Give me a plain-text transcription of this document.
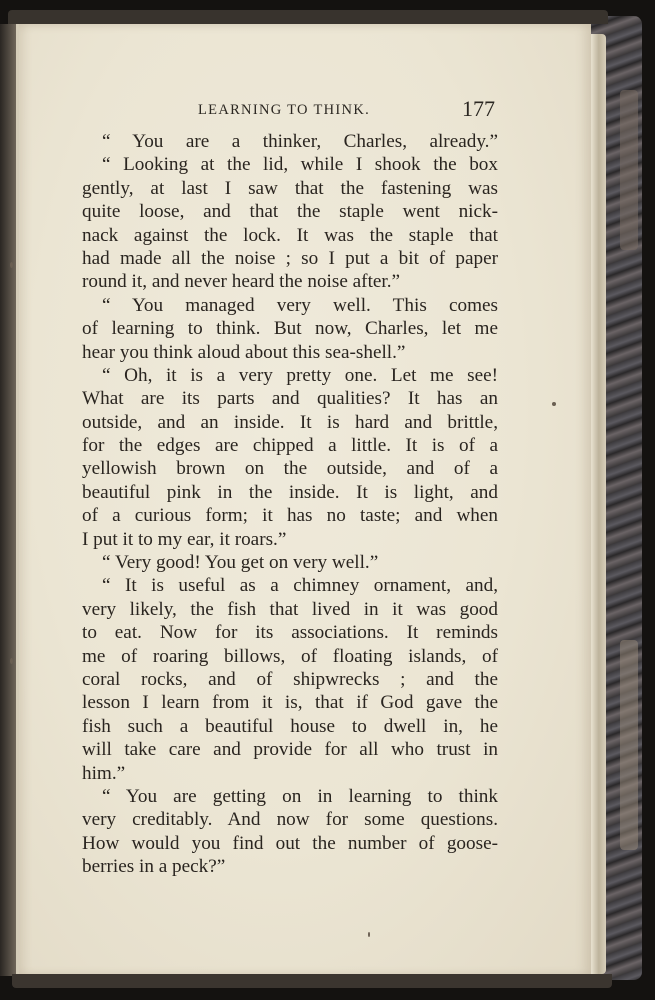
LEARNING TO THINK.	177
“ You are a thinker, Charles, already.”
“ Looking at the lid, while I shook the box
gently, at last I saw that the fastening was
quite loose, and that the staple went nick-
nack against the lock. It was the staple that
had made all the noise ; so I put a bit of paper
round it, and never heard the noise after.”
“ You managed very well. This comes
of learning to think. But now, Charles, let me
hear you think aloud about this sea-shell.”
“ Oh, it is a very pretty one. Let me see!
What are its parts and qualities? It has an
outside, and an inside. It is hard and brittle,
for the edges are chipped a little. It is of a
yellowish brown on the outside, and of a
beautiful pink in the inside. It is light, and
of a curious form; it has no taste; and when
I put it to my ear, it roars.”
“ Very good! You get on very well.”
“ It is useful as a chimney ornament, and,
very likely, the fish that lived in it was good
to eat. Now for its associations. It reminds
me of roaring billows, of floating islands, of
coral rocks, and of shipwrecks ; and the
lesson I learn from it is, that if God gave the
fish such a beautiful house to dwell in, he
will take care and provide for all who trust in
him.”
“ You are getting on in learning to think
very creditably. And now for some questions.
How would you find out the number of goose-
berries in a peck?”
